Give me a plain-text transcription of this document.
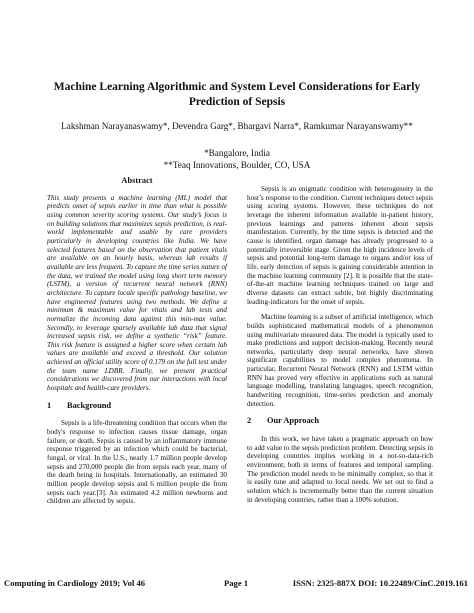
Machine Learning Algorithmic and System Level Considerations for Early Prediction of Sepsis
Lakshman Narayanaswamy*, Devendra Garg*, Bhargavi Narra*, Ramkumar Narayanswamy**
*Bangalore, India
**Teaq Innovations, Boulder, CO, USA
Abstract
This study presents a machine learning (ML) model that predicts onset of sepsis earlier in time than what is possible using common severity scoring systems. Our study’s focus is on building solutions that maximizes sepsis prediction, is real-world implementable and usable by care providers particularly in developing countries like India. We have selected features based on the observation that patient vitals are available on an hourly basis, whereas lab results if available are less frequent. To capture the time series nature of the data, we trained the model using long short term memory (LSTM), a version of recurrent neural network (RNN) architecture. To capture locale specific pathology baseline, we have engineered features using two methods. We define a minimum & maximum value for vitals and lab tests and normalize the incoming data against this min-max value. Secondly, to leverage sparsely available lab data that signal increased sepsis risk, we define a synthetic “risk” feature. This risk feature is assigned a higher score when certain lab values are available and exceed a threshold. Our solution achieved an official utility score of 0.179 on the full test under the team name LDBR. Finally, we present practical considerations we discovered from our interactions with local hospitals and health-care providers.
1 Background

Sepsis is a life-threatening condition that occurs when the body's response to infection causes tissue damage, organ failure, or death. Sepsis is caused by an inflammatory immune response triggered by an infection which could be bacterial, fungal, or viral. In the U.S., nearly 1.7 million people develop sepsis and 270,000 people die from sepsis each year, many of the death being in hospitals. Internationally, an estimated 30 million people develop sepsis and 6 million people die from sepsis each year.[3]. An estimated 4.2 million newborns and children are affected by sepsis.

Sepsis is an enigmatic condition with heterogeneity in the host’s response to the condition. Current techniques detect sepsis using scoring systems. However, these techniques do not leverage the inherent information available in-patient history, previous learnings and patterns inherent about sepsis manifestation. Currently, by the time sepsis is detected and the cause is identified, organ damage has already progressed to a potentially irreversible stage. Given the high incidence levels of sepsis and potential long-term damage to organs and/or loss of life, early detection of sepsis is gaining considerable attention in the machine learning community [2]. It is possible that the state-of-the-art machine learning techniques trained on large and diverse datasets can extract subtle, but highly discriminating leading-indicators for the onset of sepsis.

Machine learning is a subset of artificial intelligence, which builds sophisticated mathematical models of a phenomenon using multivariate measured data. The model is typically used to make predictions and support decision-making. Recently neural networks, particularly deep neural networks, have shown significant capabilities to model complex phenomena. In particular, Recurrent Neural Network (RNN) and LSTM within RNN has proved very effective in applications such as natural language modelling, translating languages, speech recognition, handwriting recognition, time-series prediction and anomaly detection.

2 Our Approach

In this work, we have taken a pragmatic approach on how to add value to the sepsis prediction problem. Detecting sepsis in developing countries implies working in a not-so-data-rich environment; both in terms of features and temporal sampling. The prediction model needs to be minimally complex, so that it is easily tune and adapted to local needs. We set out to find a solution which is incrementally better than the current situation in developing countries, rather than a 100% solution.

Computing in Cardiology 2019; Vol 46	Page 1	ISSN: 2325-887X DOI: 10.22489/CinC.2019.161
